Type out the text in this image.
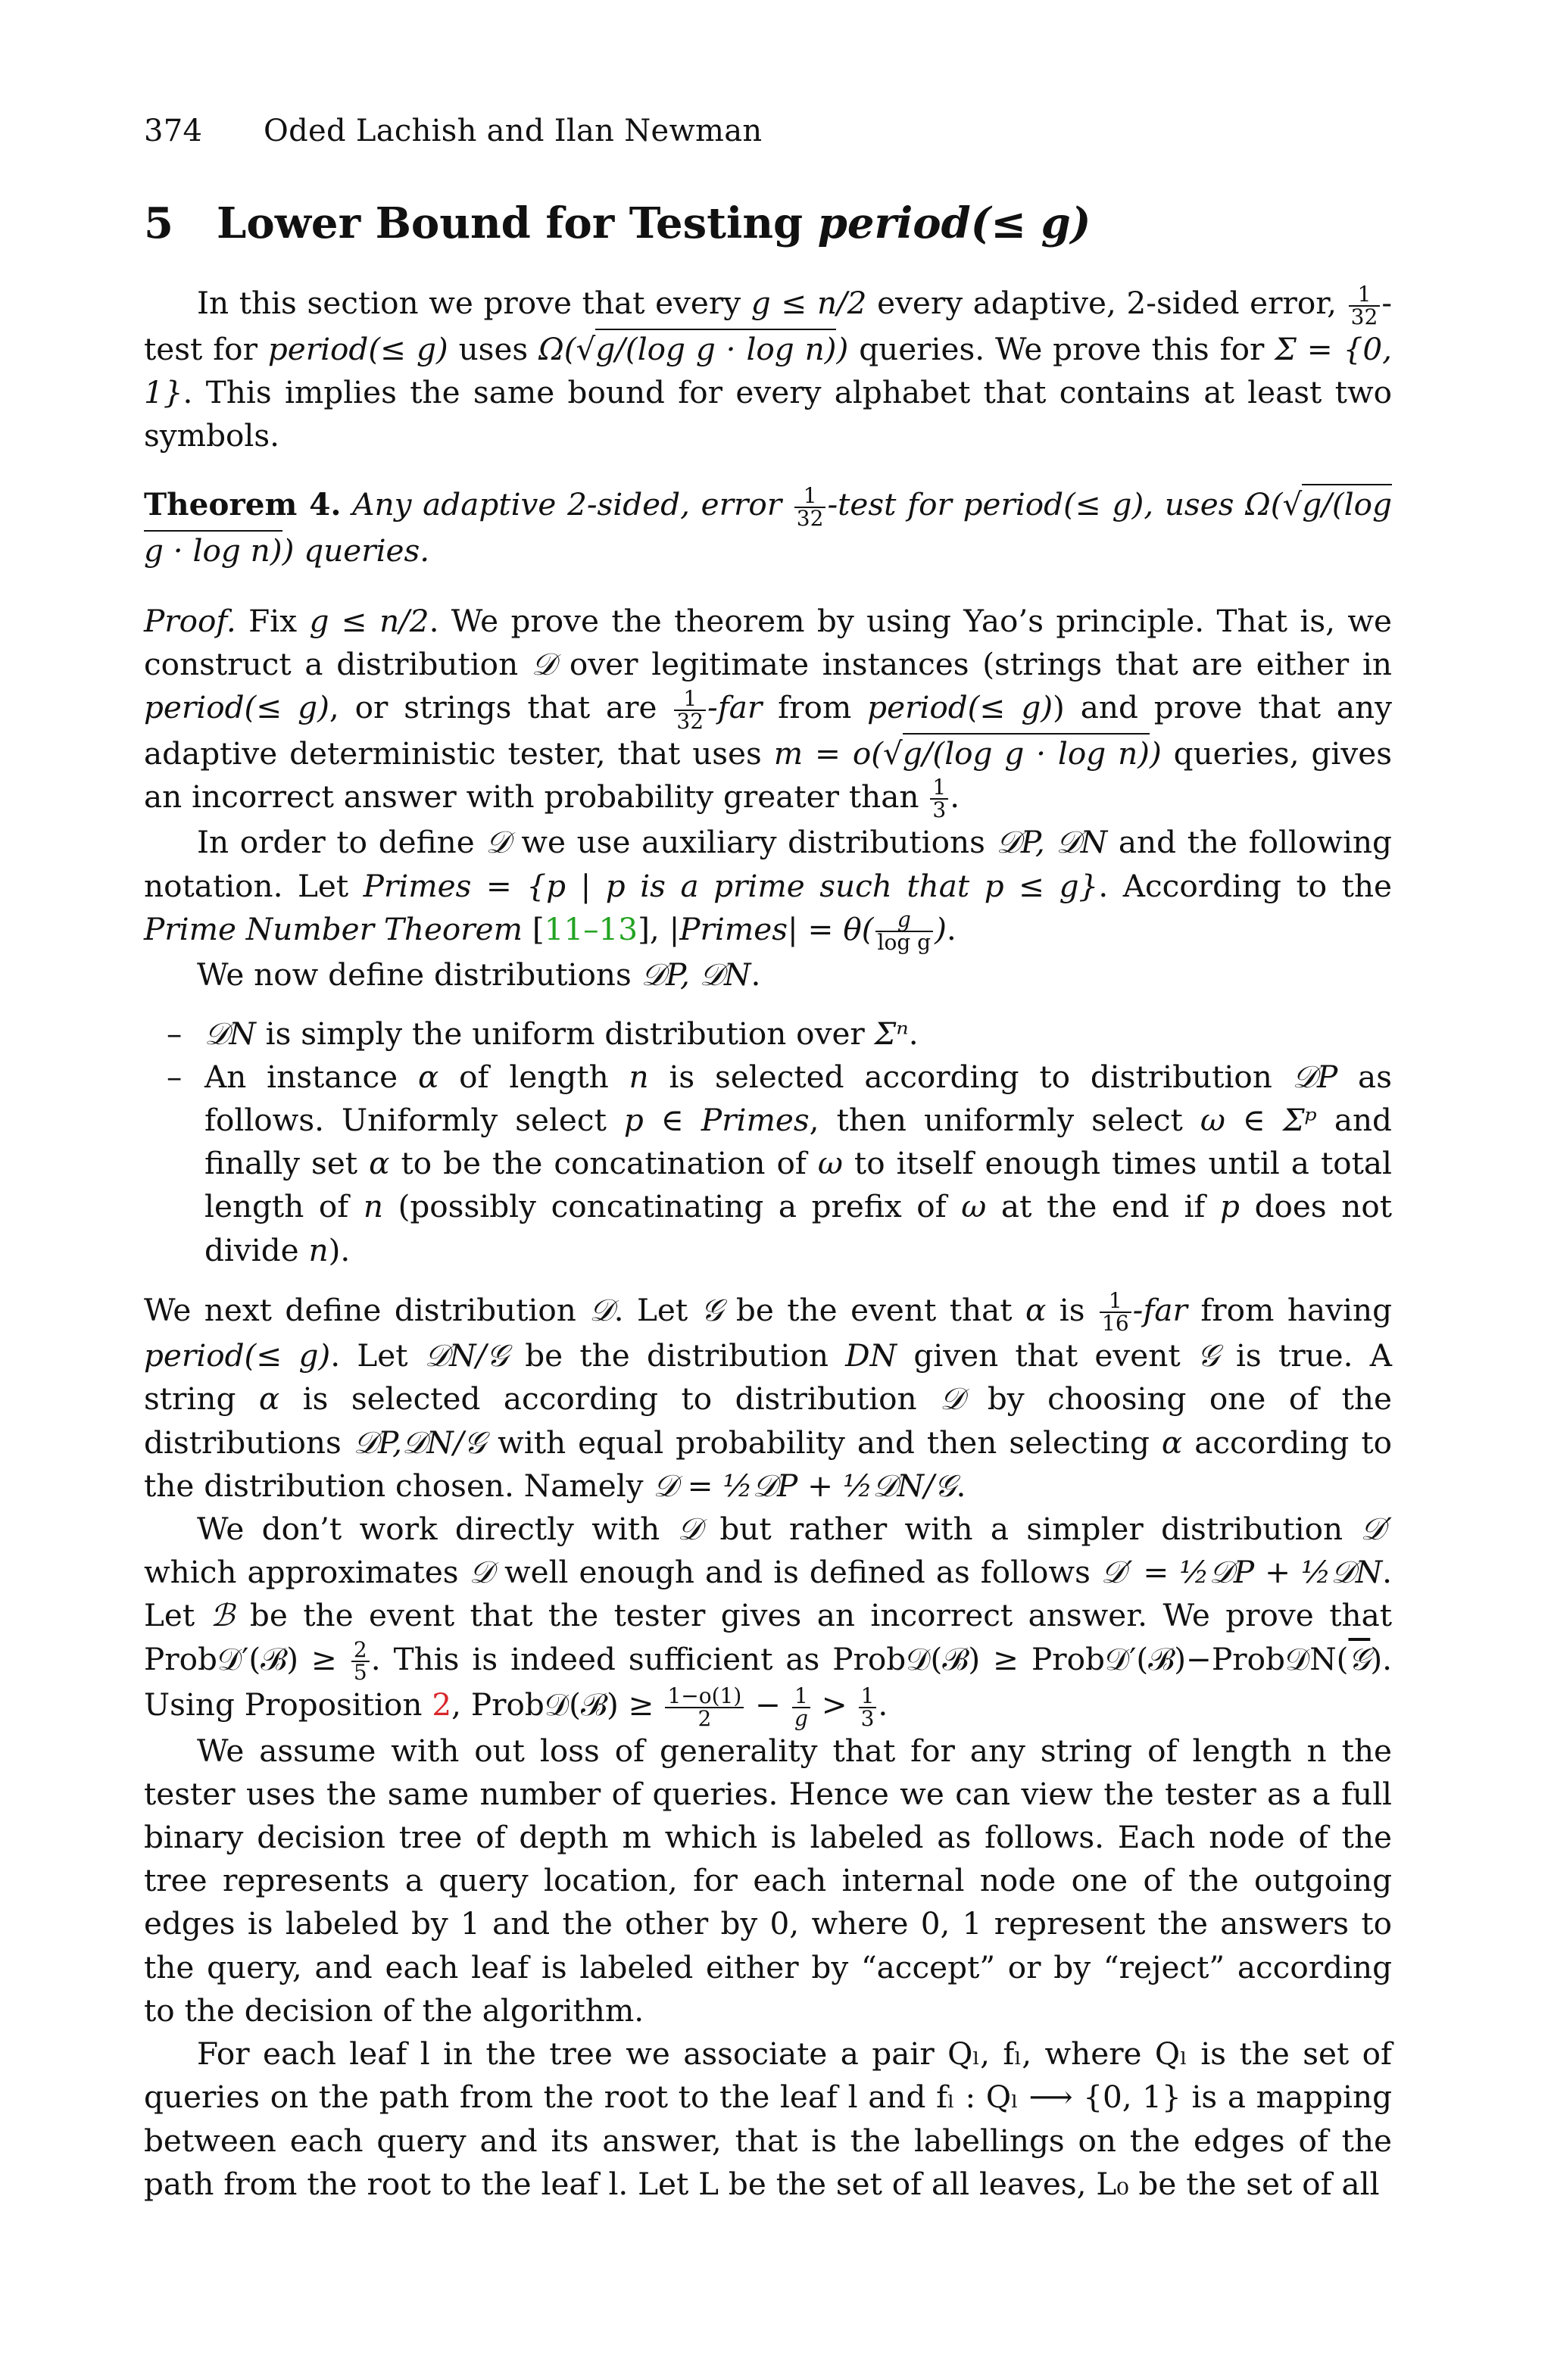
374 Oded Lachish and Ilan Newman
5 Lower Bound for Testing period(≤ g)

In this section we prove that every g ≤ n/2 every adaptive, 2-sided error, $\frac{1}{32}$ -test for period(≤ g) uses Ω(√g/(log g · log n)) queries. We prove this for Σ = {0, 1}. This implies the same bound for every alphabet that contains at least two symbols.

Theorem 4. Any adaptive 2-sided, error $\frac{1}{32}$ -test for period(≤ g), uses Ω(√g/(log g · log n)) queries.

Proof. Fix g ≤ n/2. We prove the theorem by using Yao’s principle. That is, we construct a distribution 𝒟 over legitimate instances (strings that are either in period(≤ g), or strings that are $\frac{1}{32} -far$ from period(≤ g)) and prove that any adaptive deterministic tester, that uses m = o(√g/(log g · log n)) queries, gives an incorrect answer with probability greater than $\frac{1}{3}$ .

In order to define 𝒟 we use auxiliary distributions 𝒟P, 𝒟N and the following notation. Let Primes = {p | p is a prime such that p ≤ g}. According to the Prime Number Theorem [11–13], |Primes| = $\theta( \frac{g}{\text{log g}}$ ).

We now define distributions 𝒟P, 𝒟N.

– 𝒟N is simply the uniform distribution over Σⁿ.
– An instance α of length n is selected according to distribution 𝒟P as follows. Uniformly select p ∈ Primes, then uniformly select ω ∈ Σᵖ and finally set α to be the concatination of ω to itself enough times until a total length of n (possibly concatinating a prefix of ω at the end if p does not divide n).

We next define distribution 𝒟. Let 𝒢 be the event that α is $\frac{1}{16} -far$ from having period(≤ g). Let 𝒟N/𝒢 be the distribution DN given that event 𝒢 is true. A string α is selected according to distribution 𝒟 by choosing one of the distributions 𝒟P,𝒟N/𝒢 with equal probability and then selecting α according to the distribution chosen. Namely 𝒟 = ½𝒟P + ½𝒟N/𝒢.

We don’t work directly with 𝒟 but rather with a simpler distribution 𝒟′ which approximates 𝒟 well enough and is defined as follows 𝒟′ = ½𝒟P + ½𝒟N. Let ℬ be the event that the tester gives an incorrect answer. We prove that Prob𝒟′(ℬ) ≥ $\frac{2}{5}$ . This is indeed sufficient as Prob𝒟(ℬ) ≥ Prob𝒟′(ℬ)−Prob𝒟N(𝒢). Using Proposition 2, Prob𝒟(ℬ) ≥ $\frac{1-o(1)}{2} - \frac{1}{g} > \frac{1}{3}$ .

We assume with out loss of generality that for any string of length n the tester uses the same number of queries. Hence we can view the tester as a full binary decision tree of depth m which is labeled as follows. Each node of the tree represents a query location, for each internal node one of the outgoing edges is labeled by 1 and the other by 0, where 0, 1 represent the answers to the query, and each leaf is labeled either by “accept” or by “reject” according to the decision of the algorithm.

For each leaf l in the tree we associate a pair Qₗ, fₗ, where Qₗ is the set of queries on the path from the root to the leaf l and fₗ : Qₗ ⟶ {0, 1} is a mapping between each query and its answer, that is the labellings on the edges of the path from the root to the leaf l. Let L be the set of all leaves, L₀ be the set of all
